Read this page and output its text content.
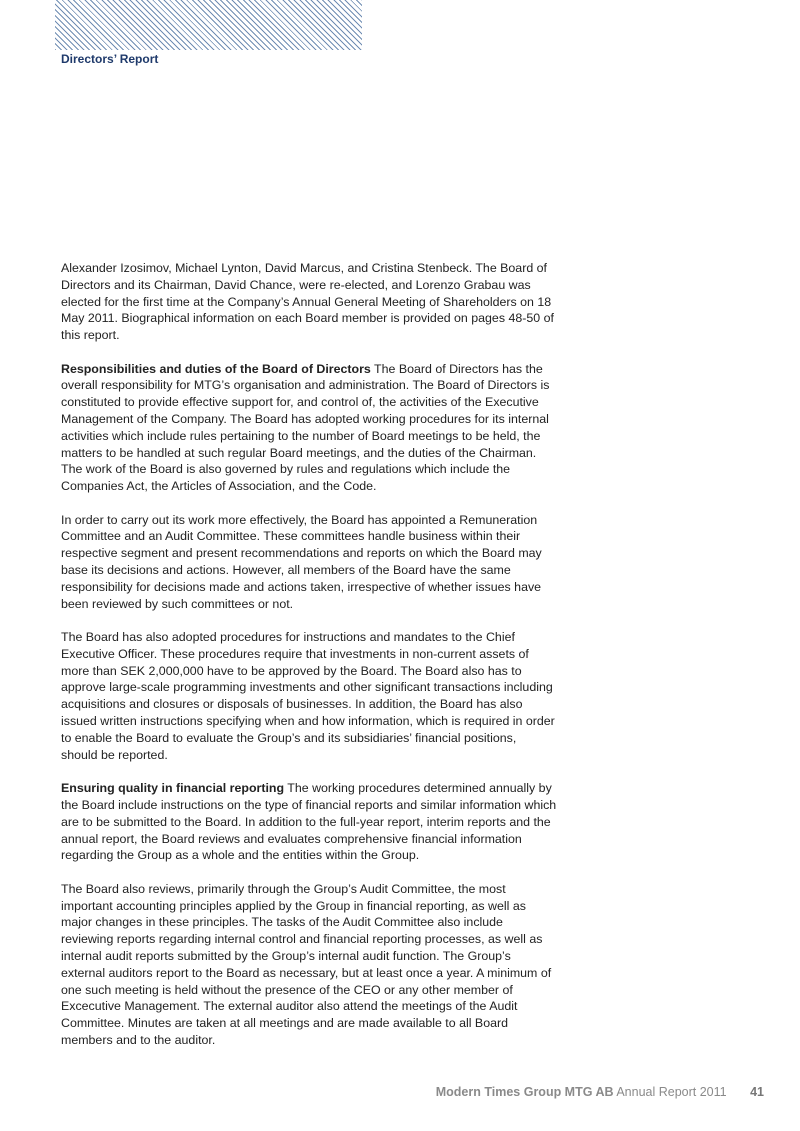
Directors’ Report
Alexander Izosimov, Michael Lynton, David Marcus, and Cristina Stenbeck. The Board of
Directors and its Chairman, David Chance, were re-elected, and Lorenzo Grabau was
elected for the first time at the Company’s Annual General Meeting of Shareholders on 18
May 2011. Biographical information on each Board member is provided on pages 48-50 of
this report.
Responsibilities and duties of the Board of Directors The Board of Directors has the
overall responsibility for MTG’s organisation and administration. The Board of Directors is
constituted to provide effective support for, and control of, the activities of the Executive
Management of the Company. The Board has adopted working procedures for its internal
activities which include rules pertaining to the number of Board meetings to be held, the
matters to be handled at such regular Board meetings, and the duties of the Chairman.
The work of the Board is also governed by rules and regulations which include the
Companies Act, the Articles of Association, and the Code.
In order to carry out its work more effectively, the Board has appointed a Remuneration
Committee and an Audit Committee. These committees handle business within their
respective segment and present recommendations and reports on which the Board may
base its decisions and actions. However, all members of the Board have the same
responsibility for decisions made and actions taken, irrespective of whether issues have
been reviewed by such committees or not.
The Board has also adopted procedures for instructions and mandates to the Chief
Executive Officer. These procedures require that investments in non-current assets of
more than SEK 2,000,000 have to be approved by the Board. The Board also has to
approve large-scale programming investments and other significant transactions including
acquisitions and closures or disposals of businesses. In addition, the Board has also
issued written instructions specifying when and how information, which is required in order
to enable the Board to evaluate the Group’s and its subsidiaries’ financial positions,
should be reported.
Ensuring quality in financial reporting The working procedures determined annually by
the Board include instructions on the type of financial reports and similar information which
are to be submitted to the Board. In addition to the full-year report, interim reports and the
annual report, the Board reviews and evaluates comprehensive financial information
regarding the Group as a whole and the entities within the Group.
The Board also reviews, primarily through the Group’s Audit Committee, the most
important accounting principles applied by the Group in financial reporting, as well as
major changes in these principles. The tasks of the Audit Committee also include
reviewing reports regarding internal control and financial reporting processes, as well as
internal audit reports submitted by the Group’s internal audit function. The Group’s
external auditors report to the Board as necessary, but at least once a year. A minimum of
one such meeting is held without the presence of the CEO or any other member of
Excecutive Management. The external auditor also attend the meetings of the Audit
Committee. Minutes are taken at all meetings and are made available to all Board
members and to the auditor.
Modern Times Group MTG AB Annual Report 2011 41
